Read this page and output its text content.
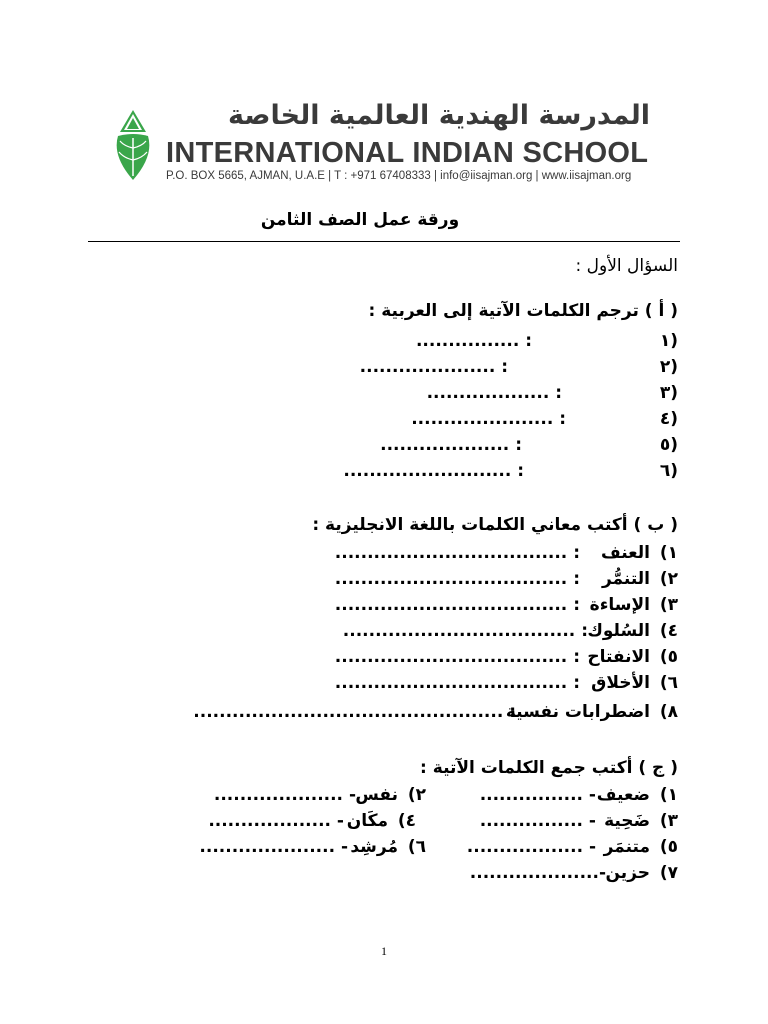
المدرسة الهندية العالمية الخاصة
INTERNATIONAL INDIAN SCHOOL
P.O. BOX 5665, AJMAN, U.A.E | T : +971 67408333 | info@iisajman.org | www.iisajman.org
ورقة عمل الصف الثامن
السؤال الأول :
( أ ) ترجم الكلمات الآتية إلى العربية :
١)
: ................
٢)
: .....................
٣)
: ...................
٤)
: ......................
٥)
: ....................
٦)
: ..........................
( ب ) أكتب معاني الكلمات باللغة الانجليزية :
١)
العنف
: ....................................
٢)
التنمُّر
: ....................................
٣)
الإساءة
: ....................................
٤)
السُلوك
: ....................................
٥)
الانفتاح
: ....................................
٦)
الأخلاق
: ....................................
٨)
اضطرابات نفسية
: ................................................
( ج ) أكتب جمع الكلمات الآتية :
١)
ضعيف
- ................
٣)
ضَحِية
- ................
٥)
متنمَر
- ..................
٧)
حزين
-....................
٢)
نفس
- ....................
٤)
مكَان
- ...................
٦)
مُرشِد
- .....................
1
